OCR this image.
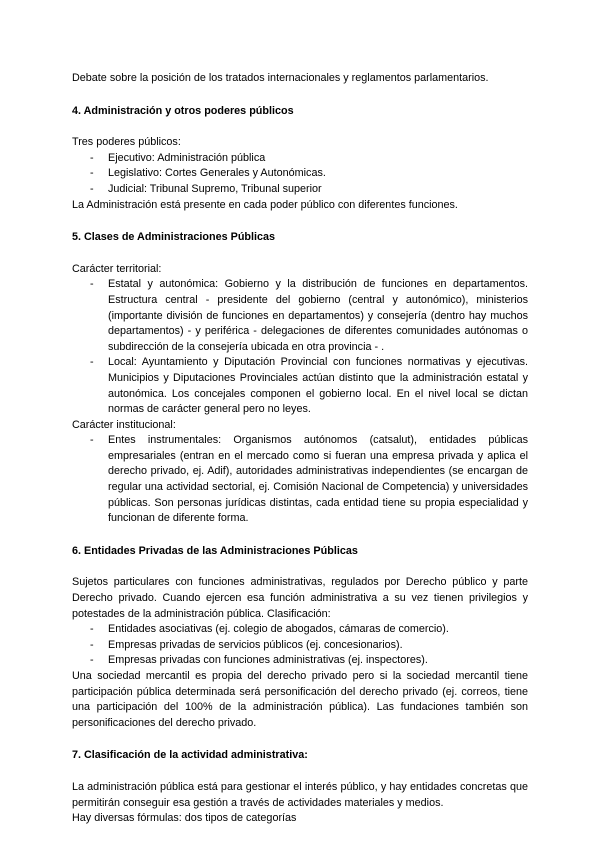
Debate sobre la posición de los tratados internacionales y reglamentos parlamentarios.

4. Administración y otros poderes públicos

Tres poderes públicos:

- Ejecutivo: Administración pública
- Legislativo: Cortes Generales y Autonómicas.
- Judicial: Tribunal Supremo, Tribunal superior

La Administración está presente en cada poder público con diferentes funciones.

5. Clases de Administraciones Públicas

Carácter territorial:

- Estatal y autonómica: Gobierno y la distribución de funciones en departamentos. Estructura central - presidente del gobierno (central y autonómico), ministerios (importante división de funciones en departamentos) y consejería (dentro hay muchos departamentos) - y periférica - delegaciones de diferentes comunidades autónomas o subdirección de la consejería ubicada en otra provincia - .
- Local: Ayuntamiento y Diputación Provincial con funciones normativas y ejecutivas. Municipios y Diputaciones Provinciales actúan distinto que la administración estatal y autonómica. Los concejales componen el gobierno local. En el nivel local se dictan normas de carácter general pero no leyes.

Carácter institucional:

- Entes instrumentales: Organismos autónomos (catsalut), entidades públicas empresariales (entran en el mercado como si fueran una empresa privada y aplica el derecho privado, ej. Adif), autoridades administrativas independientes (se encargan de regular una actividad sectorial, ej. Comisión Nacional de Competencia) y universidades públicas. Son personas jurídicas distintas, cada entidad tiene su propia especialidad y funcionan de diferente forma.

6. Entidades Privadas de las Administraciones Públicas

Sujetos particulares con funciones administrativas, regulados por Derecho público y parte Derecho privado. Cuando ejercen esa función administrativa a su vez tienen privilegios y potestades de la administración pública. Clasificación:

- Entidades asociativas (ej. colegio de abogados, cámaras de comercio).
- Empresas privadas de servicios públicos (ej. concesionarios).
- Empresas privadas con funciones administrativas (ej. inspectores).

Una sociedad mercantil es propia del derecho privado pero si la sociedad mercantil tiene participación pública determinada será personificación del derecho privado (ej. correos, tiene una participación del 100% de la administración pública). Las fundaciones también son personificaciones del derecho privado.

7. Clasificación de la actividad administrativa:

La administración pública está para gestionar el interés público, y hay entidades concretas que permitirán conseguir esa gestión a través de actividades materiales y medios.

Hay diversas fórmulas: dos tipos de categorías
